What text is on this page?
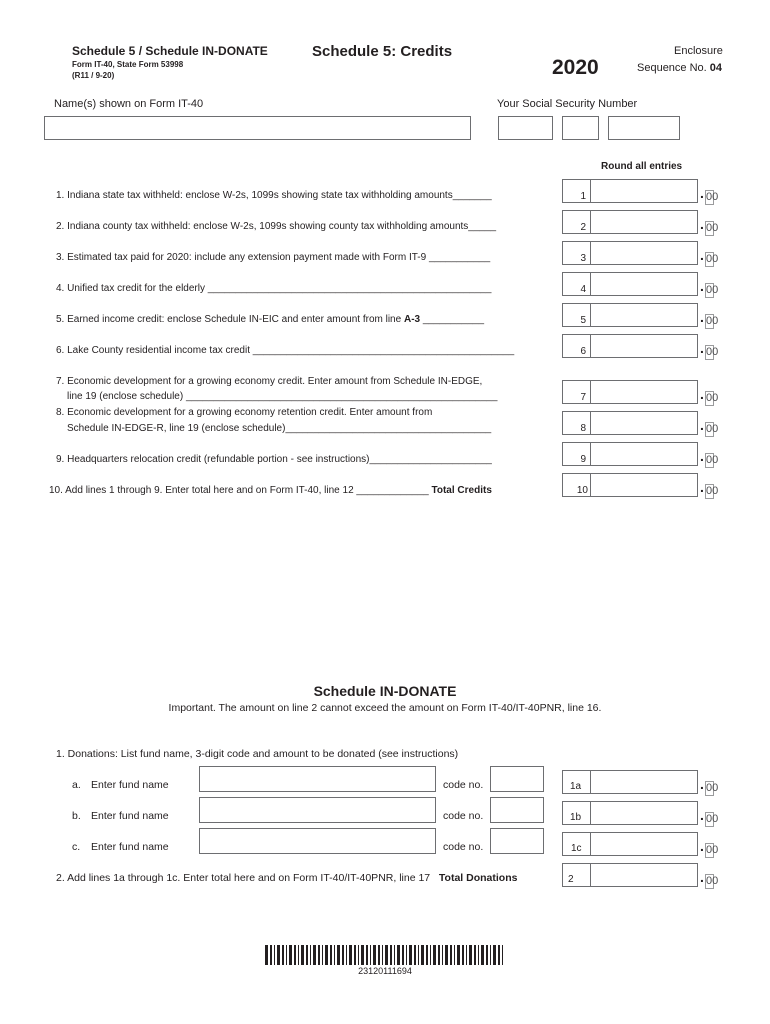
Schedule 5 / Schedule IN-DONATE
Form IT-40, State Form 53998
(R11 / 9-20)
Schedule 5: Credits
2020
Enclosure
Sequence No. 04
Name(s) shown on Form IT-40	Your Social Security Number
Round all entries
1. Indiana state tax withheld: enclose W-2s, 1099s showing state tax withholding amounts_______	1	. 00
2. Indiana county tax withheld: enclose W-2s, 1099s showing county tax withholding amounts_____	2	. 00
3. Estimated tax paid for 2020: include any extension payment made with Form IT-9 ___________	3	. 00
4. Unified tax credit for the elderly ___________________________________________________	4	. 00
5. Earned income credit: enclose Schedule IN-EIC and enter amount from line A-3 ___________	5	. 00
6. Lake County residential income tax credit _______________________________________________	6	. 00
7. Economic development for a growing economy credit. Enter amount from Schedule IN-EDGE,
line 19 (enclose schedule) ________________________________________________________	7	. 00
8. Economic development for a growing economy retention credit. Enter amount from
Schedule IN-EDGE-R, line 19 (enclose schedule)_____________________________________	8	. 00
9. Headquarters relocation credit (refundable portion - see instructions)______________________	9	. 00
10. Add lines 1 through 9. Enter total here and on Form IT-40, line 12 _____________ Total Credits	10	. 00
Schedule IN-DONATE
Important. The amount on line 2 cannot exceed the amount on Form IT-40/IT-40PNR, line 16.
1. Donations: List fund name, 3-digit code and amount to be donated (see instructions)
a. Enter fund name	code no.	1a	. 00
b. Enter fund name	code no.	1b	. 00
c. Enter fund name	code no.	1c	. 00
2. Add lines 1a through 1c. Enter total here and on Form IT-40/IT-40PNR, line 17 Total Donations	2	. 00
23120111694
